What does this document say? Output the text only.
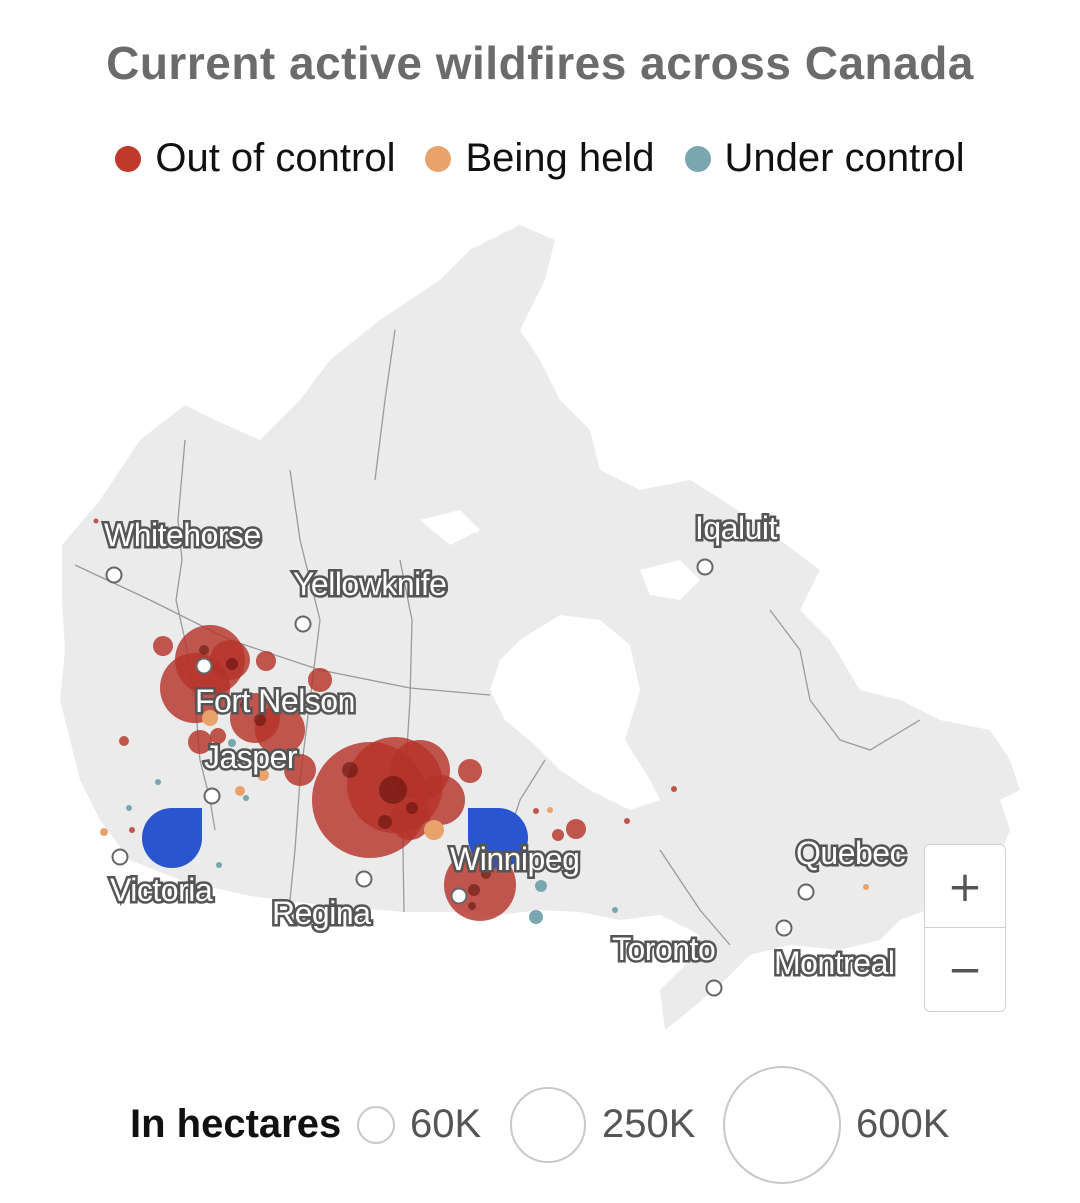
Current active wildfires across Canada
Out of control Being held Under control
Whitehorse
Yellowknife
Iqaluit
Fort Nelson
Jasper
Victoria
Regina
Winnipeg	Quebec
Toronto Montreal
+
−
In hectares 60K	250K	600K
